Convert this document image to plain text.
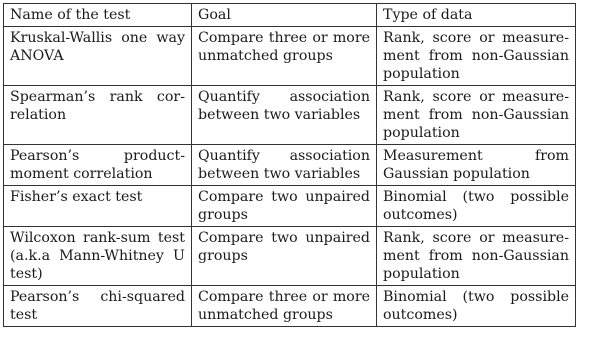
Name of the test	Goal	Type of data
Kruskal-Wallis one way ANOVA	Compare three or more unmatched groups	Rank, score or measurement from non-Gaussian population
Spearman’s rank correlation	Quantify association between two variables	Rank, score or measurement from non-Gaussian population
Pearson’s product-moment correlation	Quantify association between two variables	Measurement from Gaussian population
Fisher’s exact test	Compare two unpaired groups	Binomial (two possible outcomes)
Wilcoxon rank-sum test (a.k.a Mann-Whitney U test)	Compare two unpaired groups	Rank, score or measurement from non-Gaussian population
Pearson’s chi-squared test	Compare three or more unmatched groups	Binomial (two possible outcomes)
